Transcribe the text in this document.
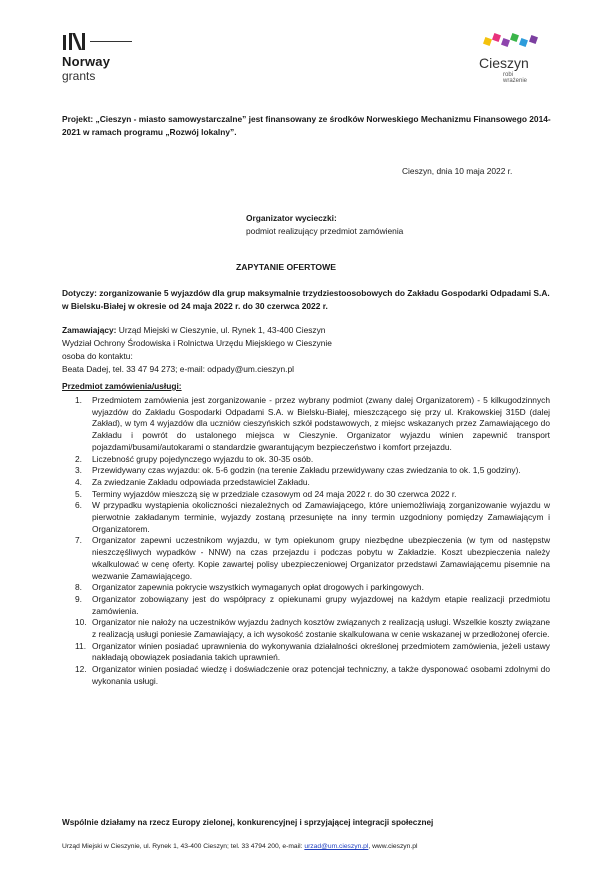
Norway
grants
Cieszyn
robi wrażenie
Projekt: „Cieszyn - miasto samowystarczalne” jest finansowany ze środków Norweskiego Mechanizmu Finansowego 2014-2021 w ramach programu „Rozwój lokalny”.
Cieszyn, dnia 10 maja 2022 r.
Organizator wycieczki:
podmiot realizujący przedmiot zamówienia
ZAPYTANIE OFERTOWE
Dotyczy: zorganizowanie 5 wyjazdów dla grup maksymalnie trzydziestoosobowych do Zakładu Gospodarki Odpadami S.A. w Bielsku-Białej w okresie od 24 maja 2022 r. do 30 czerwca 2022 r.
Zamawiający: Urząd Miejski w Cieszynie, ul. Rynek 1, 43-400 Cieszyn
Wydział Ochrony Środowiska i Rolnictwa Urzędu Miejskiego w Cieszynie
osoba do kontaktu:
Beata Dadej, tel. 33 47 94 273; e-mail: odpady@um.cieszyn.pl
Przedmiot zamówienia/usługi:
1. Przedmiotem zamówienia jest zorganizowanie - przez wybrany podmiot (zwany dalej Organizatorem) - 5 kilkugodzinnych wyjazdów do Zakładu Gospodarki Odpadami S.A. w Bielsku-Białej, mieszczącego się przy ul. Krakowskiej 315D (dalej Zakład), w tym 4 wyjazdów dla uczniów cieszyńskich szkół podstawowych, z miejsc wskazanych przez Zamawiającego do Zakładu i powrót do ustalonego miejsca w Cieszynie. Organizator wyjazdu winien zapewnić transport pojazdami/busami/autokarami o standardzie gwarantującym bezpieczeństwo i komfort przejazdu.
2. Liczebność grupy pojedynczego wyjazdu to ok. 30-35 osób.
3. Przewidywany czas wyjazdu: ok. 5-6 godzin (na terenie Zakładu przewidywany czas zwiedzania to ok. 1,5 godziny).
4. Za zwiedzanie Zakładu odpowiada przedstawiciel Zakładu.
5. Terminy wyjazdów mieszczą się w przedziale czasowym od 24 maja 2022 r. do 30 czerwca 2022 r.
6. W przypadku wystąpienia okoliczności niezależnych od Zamawiającego, które uniemożliwiają zorganizowanie wyjazdu w pierwotnie zakładanym terminie, wyjazdy zostaną przesunięte na inny termin uzgodniony pomiędzy Zamawiającym i Organizatorem.
7. Organizator zapewni uczestnikom wyjazdu, w tym opiekunom grupy niezbędne ubezpieczenia (w tym od następstw nieszczęśliwych wypadków - NNW) na czas przejazdu i podczas pobytu w Zakładzie. Koszt ubezpieczenia należy wkalkulować w cenę oferty. Kopie zawartej polisy ubezpieczeniowej Organizator przedstawi Zamawiającemu pisemnie na wezwanie Zamawiającego.
8. Organizator zapewnia pokrycie wszystkich wymaganych opłat drogowych i parkingowych.
9. Organizator zobowiązany jest do współpracy z opiekunami grupy wyjazdowej na każdym etapie realizacji przedmiotu zamówienia.
10. Organizator nie nałoży na uczestników wyjazdu żadnych kosztów związanych z realizacją usługi. Wszelkie koszty związane z realizacją usługi poniesie Zamawiający, a ich wysokość zostanie skalkulowana w cenie wskazanej w przedłożonej ofercie.
11. Organizator winien posiadać uprawnienia do wykonywania działalności określonej przedmiotem zamówienia, jeżeli ustawy nakładają obowiązek posiadania takich uprawnień.
12. Organizator winien posiadać wiedzę i doświadczenie oraz potencjał techniczny, a także dysponować osobami zdolnymi do wykonania usługi.
Wspólnie działamy na rzecz Europy zielonej, konkurencyjnej i sprzyjającej integracji społecznej
Urząd Miejski w Cieszynie, ul. Rynek 1, 43-400 Cieszyn; tel. 33 4794 200, e-mail: urzad@um.cieszyn.pl, www.cieszyn.pl
